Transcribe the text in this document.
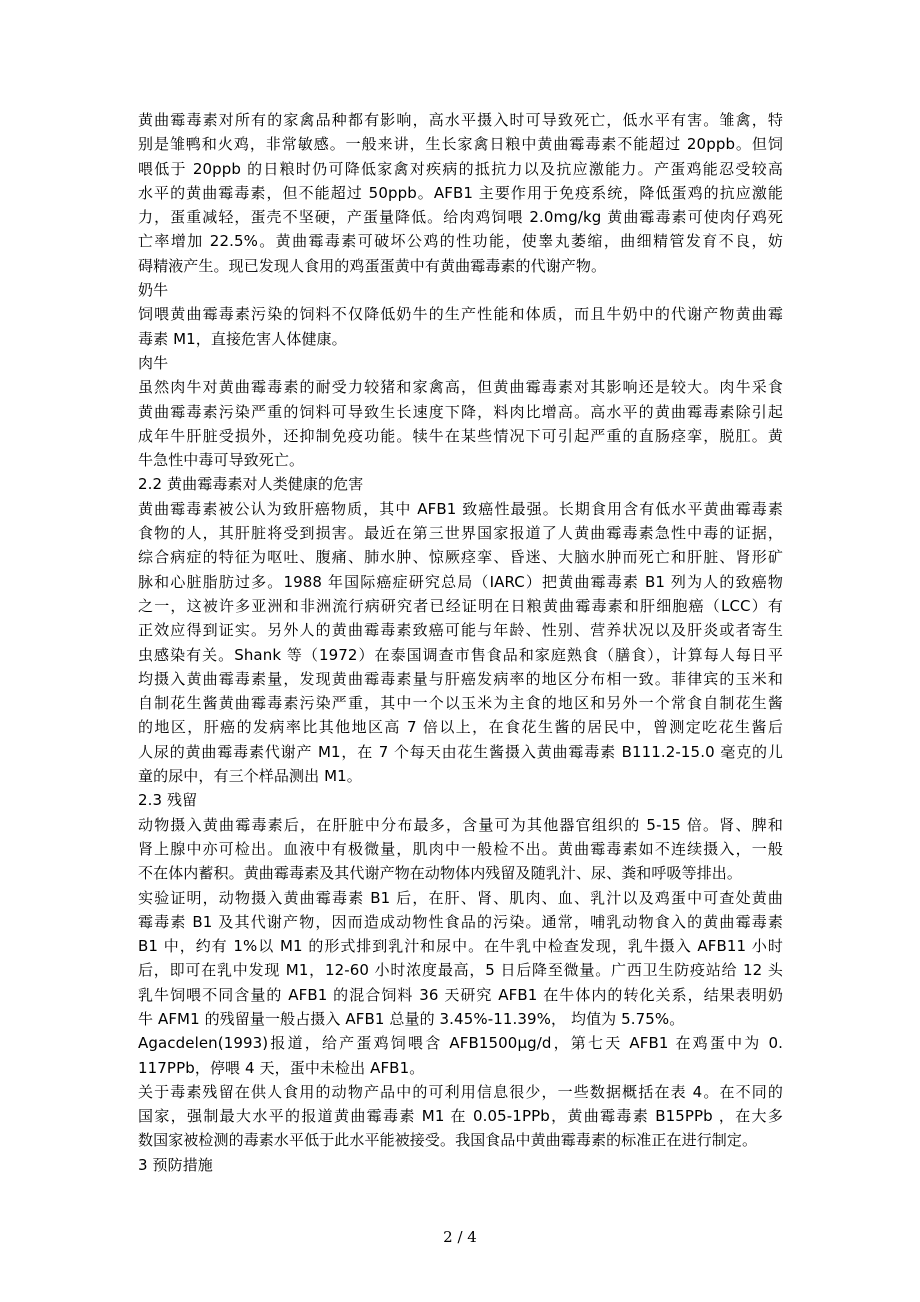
黄曲霉毒素对所有的家禽品种都有影响，高水平摄入时可导致死亡，低水平有害。雏禽，特
别是雏鸭和火鸡，非常敏感。一般来讲，生长家禽日粮中黄曲霉毒素不能超过 20ppb。但饲
喂低于 20ppb 的日粮时仍可降低家禽对疾病的抵抗力以及抗应激能力。产蛋鸡能忍受较高
水平的黄曲霉毒素，但不能超过 50ppb。AFB1 主要作用于免疫系统，降低蛋鸡的抗应激能
力，蛋重减轻，蛋壳不坚硬，产蛋量降低。给肉鸡饲喂 2.0mg/kg 黄曲霉毒素可使肉仔鸡死
亡率增加 22.5%。黄曲霉毒素可破坏公鸡的性功能，使睾丸萎缩，曲细精管发育不良，妨
碍精液产生。现已发现人食用的鸡蛋蛋黄中有黄曲霉毒素的代谢产物。
奶牛
饲喂黄曲霉毒素污染的饲料不仅降低奶牛的生产性能和体质，而且牛奶中的代谢产物黄曲霉
毒素 M1，直接危害人体健康。
肉牛
虽然肉牛对黄曲霉毒素的耐受力较猪和家禽高，但黄曲霉毒素对其影响还是较大。肉牛采食
黄曲霉毒素污染严重的饲料可导致生长速度下降，料肉比增高。高水平的黄曲霉毒素除引起
成年牛肝脏受损外，还抑制免疫功能。犊牛在某些情况下可引起严重的直肠痉挛，脱肛。黄
牛急性中毒可导致死亡。
2.2 黄曲霉毒素对人类健康的危害
黄曲霉毒素被公认为致肝癌物质，其中 AFB1 致癌性最强。长期食用含有低水平黄曲霉毒素
食物的人，其肝脏将受到损害。最近在第三世界国家报道了人黄曲霉毒素急性中毒的证据，
综合病症的特征为呕吐、腹痛、肺水肿、惊厥痉挛、昏迷、大脑水肿而死亡和肝脏、肾形矿
脉和心脏脂肪过多。1988 年国际癌症研究总局（IARC）把黄曲霉毒素 B1 列为人的致癌物
之一，这被许多亚洲和非洲流行病研究者已经证明在日粮黄曲霉毒素和肝细胞癌（LCC）有
正效应得到证实。另外人的黄曲霉毒素致癌可能与年龄、性别、营养状况以及肝炎或者寄生
虫感染有关。Shank 等（1972）在泰国调查市售食品和家庭熟食（膳食），计算每人每日平
均摄入黄曲霉毒素量，发现黄曲霉毒素量与肝癌发病率的地区分布相一致。菲律宾的玉米和
自制花生酱黄曲霉毒素污染严重，其中一个以玉米为主食的地区和另外一个常食自制花生酱
的地区，肝癌的发病率比其他地区高 7 倍以上，在食花生酱的居民中，曾测定吃花生酱后
人尿的黄曲霉毒素代谢产 M1，在 7 个每天由花生酱摄入黄曲霉毒素 B111.2-15.0 毫克的儿
童的尿中，有三个样品测出 M1。
2.3 残留
动物摄入黄曲霉毒素后，在肝脏中分布最多，含量可为其他器官组织的 5-15 倍。肾、脾和
肾上腺中亦可检出。血液中有极微量，肌肉中一般检不出。黄曲霉毒素如不连续摄入，一般
不在体内蓄积。黄曲霉毒素及其代谢产物在动物体内残留及随乳汁、尿、粪和呼吸等排出。
实验证明，动物摄入黄曲霉毒素 B1 后，在肝、肾、肌肉、血、乳汁以及鸡蛋中可查处黄曲
霉毒素 B1 及其代谢产物，因而造成动物性食品的污染。通常，哺乳动物食入的黄曲霉毒素
B1 中，约有 1%以 M1 的形式排到乳汁和尿中。在牛乳中检查发现，乳牛摄入 AFB11 小时
后，即可在乳中发现 M1，12-60 小时浓度最高，5 日后降至微量。广西卫生防疫站给 12 头
乳牛饲喂不同含量的 AFB1 的混合饲料 36 天研究 AFB1 在牛体内的转化关系，结果表明奶
牛 AFM1 的残留量一般占摄入 AFB1 总量的 3.45%-11.39%， 均值为 5.75%。
Agacdelen(1993)报道，给产蛋鸡饲喂含 AFB1500μg/d，第七天 AFB1 在鸡蛋中为 0.
117PPb，停喂 4 天，蛋中未检出 AFB1。
关于毒素残留在供人食用的动物产品中的可利用信息很少，一些数据概括在表 4。在不同的
国家，强制最大水平的报道黄曲霉毒素 M1 在 0.05-1PPb，黄曲霉毒素 B15PPb ，在大多
数国家被检测的毒素水平低于此水平能被接受。我国食品中黄曲霉毒素的标准正在进行制定。
3 预防措施
2 / 4
